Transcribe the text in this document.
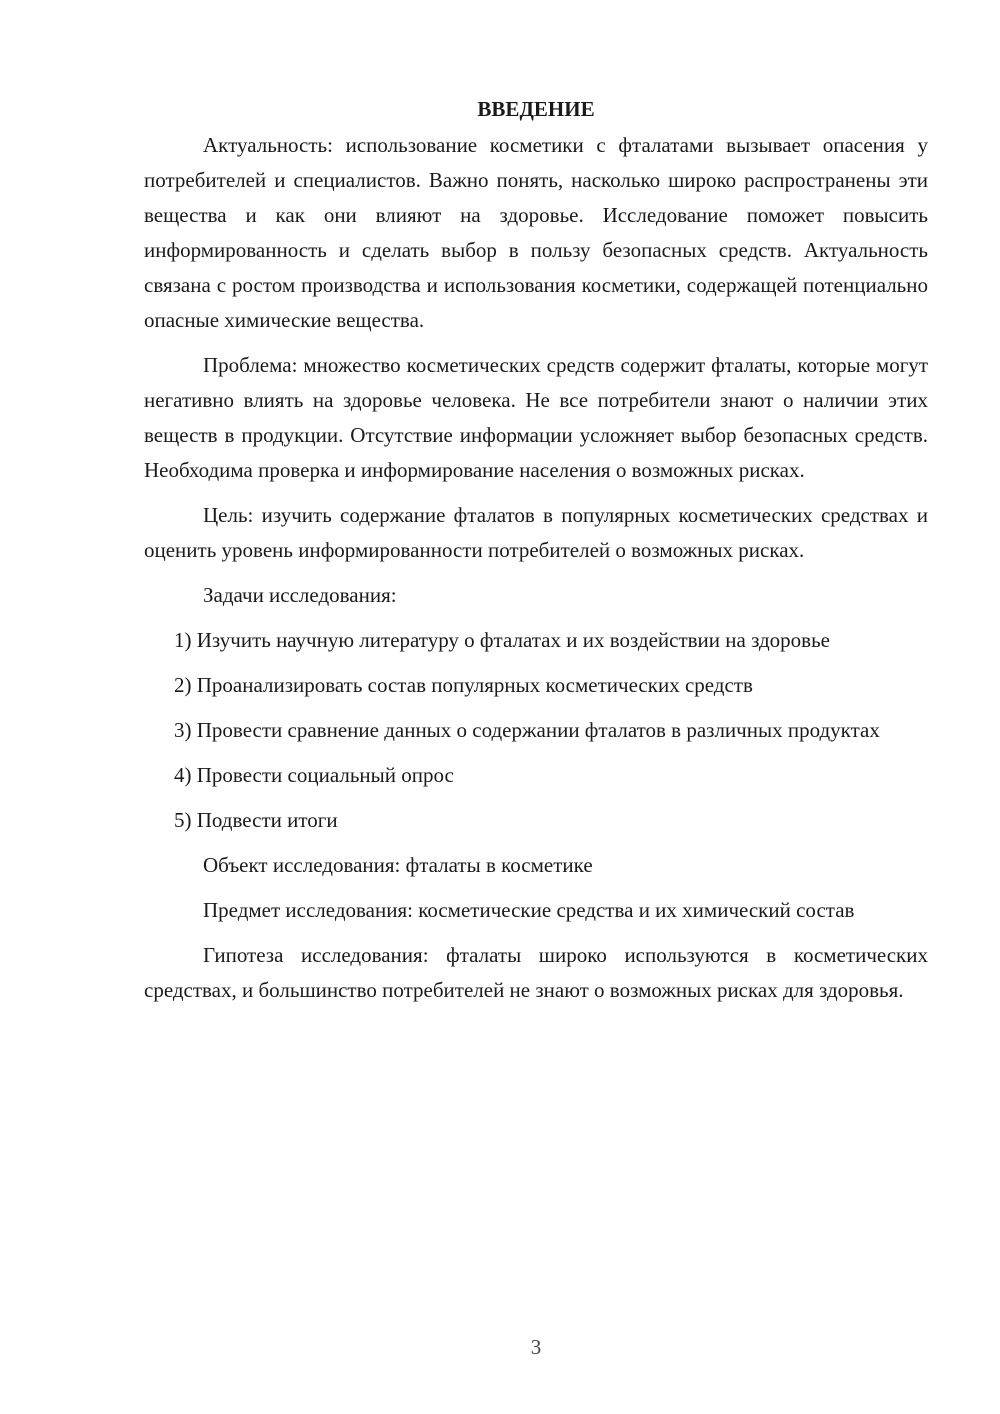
ВВЕДЕНИЕ

Актуальность: использование косметики с фталатами вызывает опасения у потребителей и специалистов. Важно понять, насколько широко распространены эти вещества и как они влияют на здоровье. Исследование поможет повысить информированность и сделать выбор в пользу безопасных средств. Актуальность связана с ростом производства и использования косметики, содержащей потенциально опасные химические вещества.

Проблема: множество косметических средств содержит фталаты, которые могут негативно влиять на здоровье человека. Не все потребители знают о наличии этих веществ в продукции. Отсутствие информации усложняет выбор безопасных средств. Необходима проверка и информирование населения о возможных рисках.

Цель: изучить содержание фталатов в популярных косметических средствах и оценить уровень информированности потребителей о возможных рисках.

Задачи исследования:

1) Изучить научную литературу о фталатах и их воздействии на здоровье

2) Проанализировать состав популярных косметических средств

3) Провести сравнение данных о содержании фталатов в различных продуктах

4) Провести социальный опрос

5) Подвести итоги

Объект исследования: фталаты в косметике

Предмет исследования: косметические средства и их химический состав

Гипотеза исследования: фталаты широко используются в косметических средствах, и большинство потребителей не знают о возможных рисках для здоровья.

3
